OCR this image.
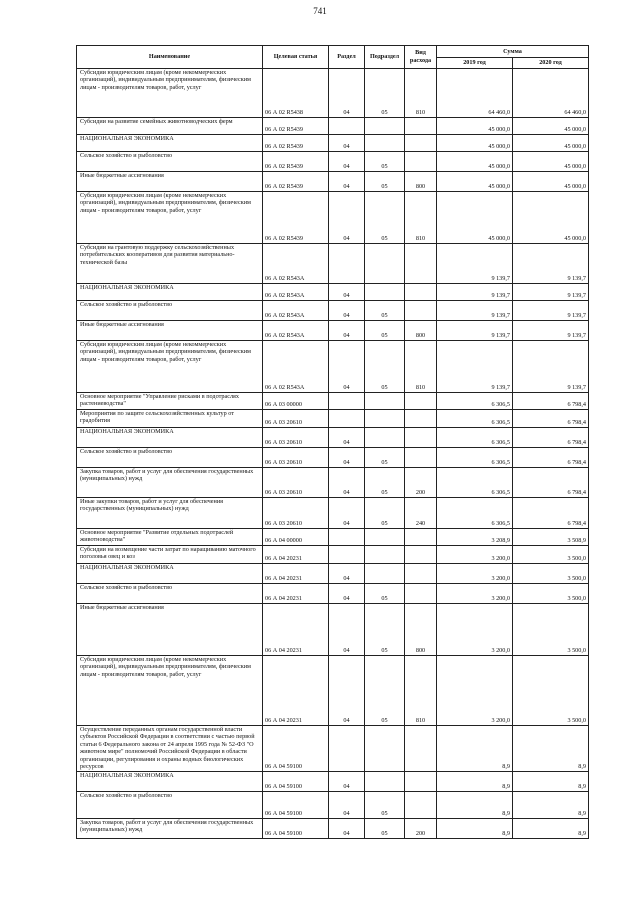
741
Наименование	Целевая статья	Раздел	Подраздел	Вид расхода	Сумма	
					2019 год	2020 год
Субсидии юридическим лицам (кроме некоммерческих организаций), индивидуальным предпринимателям, физическим лицам - производителям товаров, работ, услуг	06 А 02 R5438	04	05	810	64 460,0	64 460,0
Субсидии на развитие семейных животноводческих ферм	06 А 02 R5439				45 000,0	45 000,0
НАЦИОНАЛЬНАЯ ЭКОНОМИКА	06 А 02 R5439	04			45 000,0	45 000,0
Сельское хозяйство и рыболовство	06 А 02 R5439	04	05		45 000,0	45 000,0
Иные бюджетные ассигнования	06 А 02 R5439	04	05	800	45 000,0	45 000,0
Субсидии юридическим лицам (кроме некоммерческих организаций), индивидуальным предпринимателям, физическим лицам - производителям товаров, работ, услуг	06 А 02 R5439	04	05	810	45 000,0	45 000,0
Субсидии на грантовую поддержку сельскохозяйственных потребительских кооперативов для развития материально-технической базы	06 А 02 R543А				9 139,7	9 139,7
НАЦИОНАЛЬНАЯ ЭКОНОМИКА	06 А 02 R543А	04			9 139,7	9 139,7
Сельское хозяйство и рыболовство	06 А 02 R543А	04	05		9 139,7	9 139,7
Иные бюджетные ассигнования	06 А 02 R543А	04	05	800	9 139,7	9 139,7
Субсидии юридическим лицам (кроме некоммерческих организаций), индивидуальным предпринимателям, физическим лицам - производителям товаров, работ, услуг	06 А 02 R543А	04	05	810	9 139,7	9 139,7
Основное мероприятие "Управление рисками в подотраслях растениеводства"	06 А 03 00000				6 306,5	6 798,4
Мероприятия по защите сельскохозяйственных культур от градобития	06 А 03 20610				6 306,5	6 798,4
НАЦИОНАЛЬНАЯ ЭКОНОМИКА	06 А 03 20610	04			6 306,5	6 798,4
Сельское хозяйство и рыболовство	06 А 03 20610	04	05		6 306,5	6 798,4
Закупка товаров, работ и услуг для обеспечения государственных (муниципальных) нужд	06 А 03 20610	04	05	200	6 306,5	6 798,4
Иные закупки товаров, работ и услуг для обеспечения государственных (муниципальных) нужд	06 А 03 20610	04	05	240	6 306,5	6 798,4
Основное мероприятие "Развитие отдельных подотраслей животноводства"	06 А 04 00000				3 208,9	3 508,9
Субсидии на возмещение части затрат по наращиванию маточного поголовья овец и коз	06 А 04 20231				3 200,0	3 500,0
НАЦИОНАЛЬНАЯ ЭКОНОМИКА	06 А 04 20231	04			3 200,0	3 500,0
Сельское хозяйство и рыболовство	06 А 04 20231	04	05		3 200,0	3 500,0
Иные бюджетные ассигнования	06 А 04 20231	04	05	800	3 200,0	3 500,0
Субсидии юридическим лицам (кроме некоммерческих организаций), индивидуальным предпринимателям, физическим лицам - производителям товаров, работ, услуг	06 А 04 20231	04	05	810	3 200,0	3 500,0
Осуществление переданных органам государственной власти субъектов Российской Федерации в соответствии с частью первой статьи 6 Федерального закона от 24 апреля 1995 года № 52-ФЗ "О животном мире" полномочий Российской Федерации в области организации, регулирования и охраны водных биологических ресурсов	06 А 04 59100				8,9	8,9
НАЦИОНАЛЬНАЯ ЭКОНОМИКА	06 А 04 59100	04			8,9	8,9
Сельское хозяйство и рыболовство	06 А 04 59100	04	05		8,9	8,9
Закупка товаров, работ и услуг для обеспечения государственных (муниципальных) нужд	06 А 04 59100	04	05	200	8,9	8,9
